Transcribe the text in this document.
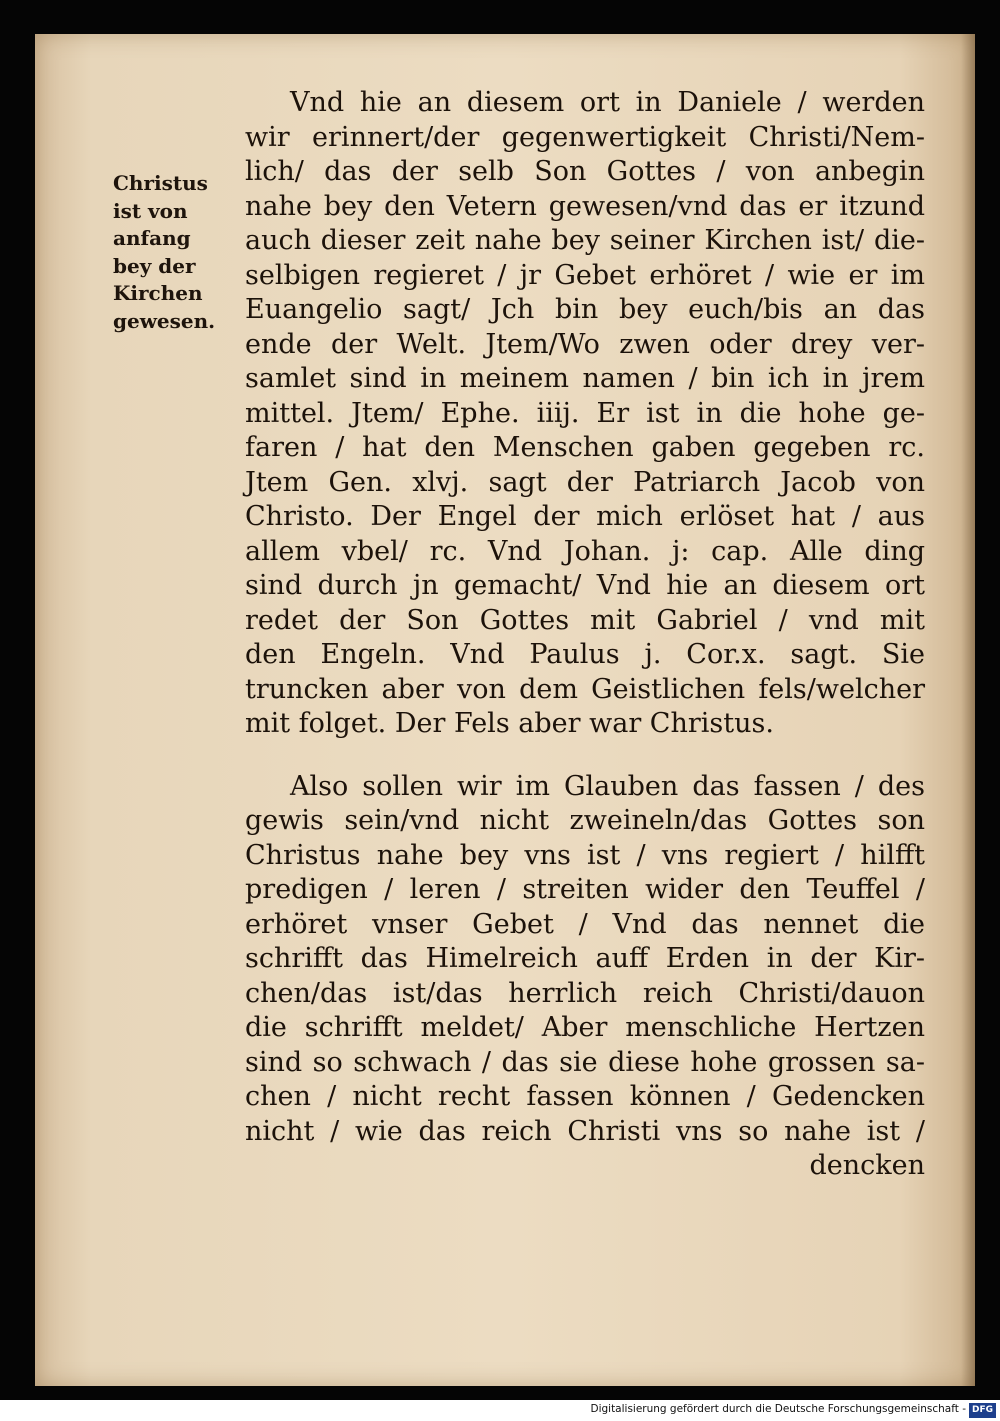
Christus
ist von
anfang
bey der
Kirchen
gewesen.
Vnd hie an diesem ort in Daniele / werden
wir erinnert/der gegenwertigkeit Christi/Nem-
lich/ das der selb Son Gottes / von anbegin
nahe bey den Vetern gewesen/vnd das er itzund
auch dieser zeit nahe bey seiner Kirchen ist/ die-
selbigen regieret / jr Gebet erhöret / wie er im
Euangelio sagt/ Jch bin bey euch/bis an das
ende der Welt. Jtem/Wo zwen oder drey ver-
samlet sind in meinem namen / bin ich in jrem
mittel. Jtem/ Ephe. iiij. Er ist in die hohe ge-
faren / hat den Menschen gaben gegeben rc.
Jtem Gen. xlvj. sagt der Patriarch Jacob von
Christo. Der Engel der mich erlöset hat / aus
allem vbel/ rc. Vnd Johan. j: cap. Alle ding
sind durch jn gemacht/ Vnd hie an diesem ort
redet der Son Gottes mit Gabriel / vnd mit
den Engeln. Vnd Paulus j. Cor.x. sagt. Sie
truncken aber von dem Geistlichen fels/welcher
mit folget. Der Fels aber war Christus.
Also sollen wir im Glauben das fassen / des
gewis sein/vnd nicht zweineln/das Gottes son
Christus nahe bey vns ist / vns regiert / hilfft
predigen / leren / streiten wider den Teuffel /
erhöret vnser Gebet / Vnd das nennet die
schrifft das Himelreich auff Erden in der Kir-
chen/das ist/das herrlich reich Christi/dauon
die schrifft meldet/ Aber menschliche Hertzen
sind so schwach / das sie diese hohe grossen sa-
chen / nicht recht fassen können / Gedencken
nicht / wie das reich Christi vns so nahe ist /
dencken
Digitalisierung gefördert durch die Deutsche Forschungsgemeinschaft - DFG
